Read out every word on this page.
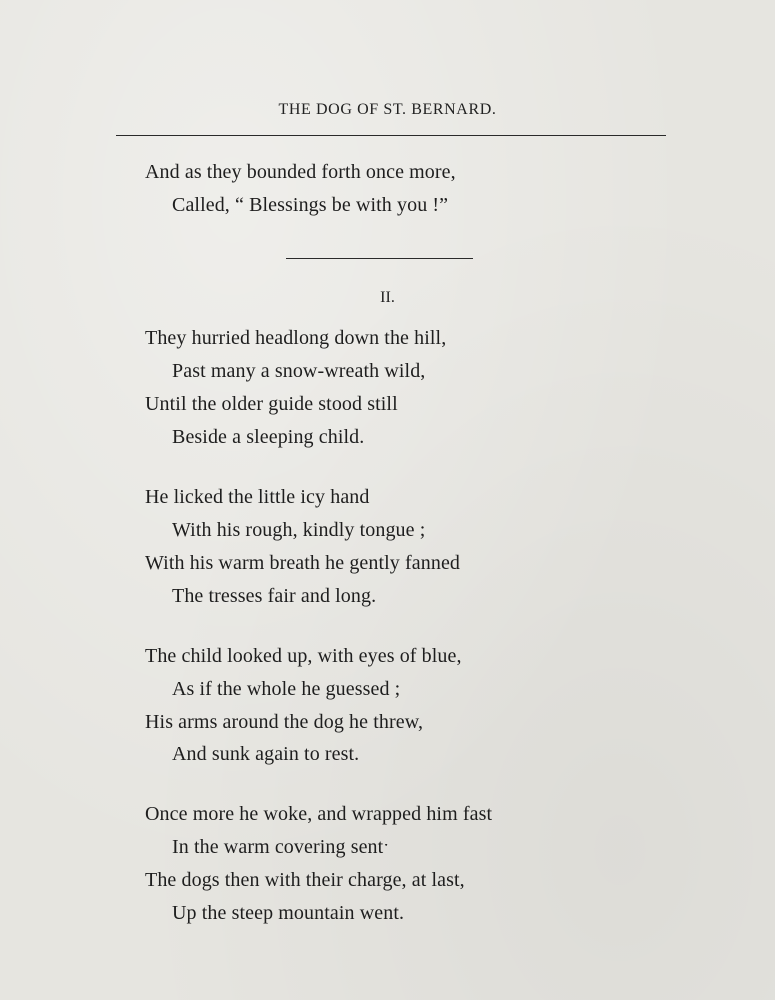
THE DOG OF ST. BERNARD.
And as they bounded forth once more,
Called, “ Blessings be with you !”
II.
They hurried headlong down the hill,
Past many a snow-wreath wild,
Until the older guide stood still
Beside a sleeping child.
He licked the little icy hand
With his rough, kindly tongue ;
With his warm breath he gently fanned
The tresses fair and long.
The child looked up, with eyes of blue,
As if the whole he guessed ;
His arms around the dog he threw,
And sunk again to rest.
Once more he woke, and wrapped him fast
In the warm covering sentˑ
The dogs then with their charge, at last,
Up the steep mountain went.
